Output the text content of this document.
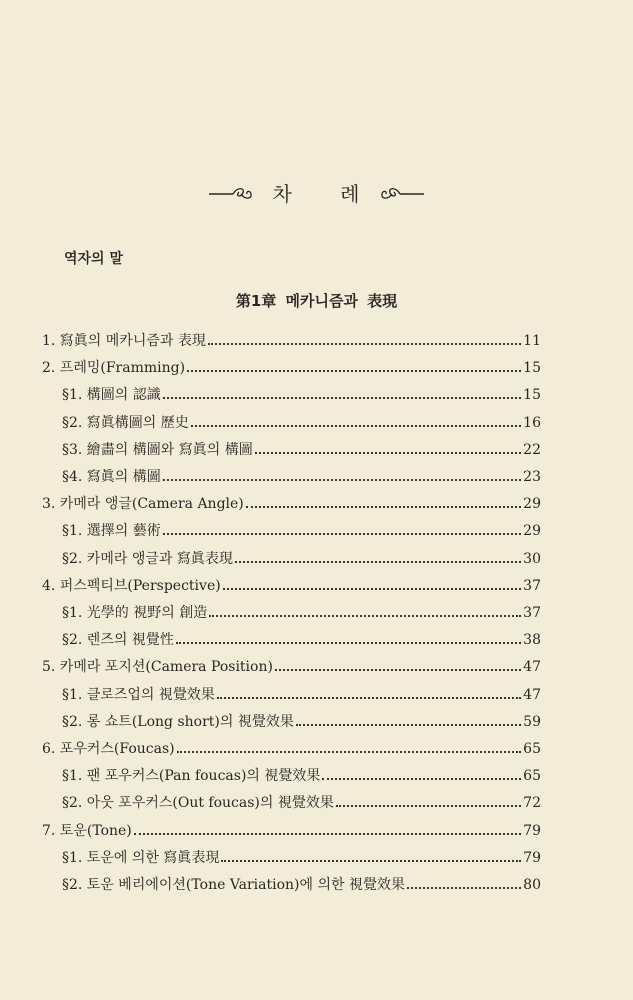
차 례
역자의 말
第1章 메카니즘과 表現
1. 寫眞의 메카니즘과 表現	11
2. 프레밍(Framming)	15
§1. 構圖의 認識	15
§2. 寫眞構圖의 歷史	16
§3. 繪畵의 構圖와 寫眞의 構圖	22
§4. 寫眞의 構圖	23
3. 카메라 앵글(Camera Angle)	29
§1. 選擇의 藝術	29
§2. 카메라 앵글과 寫眞表現	30
4. 퍼스펙티브(Perspective)	37
§1. 光學的 視野의 創造	37
§2. 렌즈의 視覺性	38
5. 카메라 포지션(Camera Position)	47
§1. 클로즈업의 視覺效果	47
§2. 롱 쇼트(Long short)의 視覺效果	59
6. 포우커스(Foucas)	65
§1. 팬 포우커스(Pan foucas)의 視覺效果	65
§2. 아웃 포우커스(Out foucas)의 視覺效果	72
7. 토운(Tone)	79
§1. 토운에 의한 寫眞表現	79
§2. 토운 베리에이션(Tone Variation)에 의한 視覺效果	80
